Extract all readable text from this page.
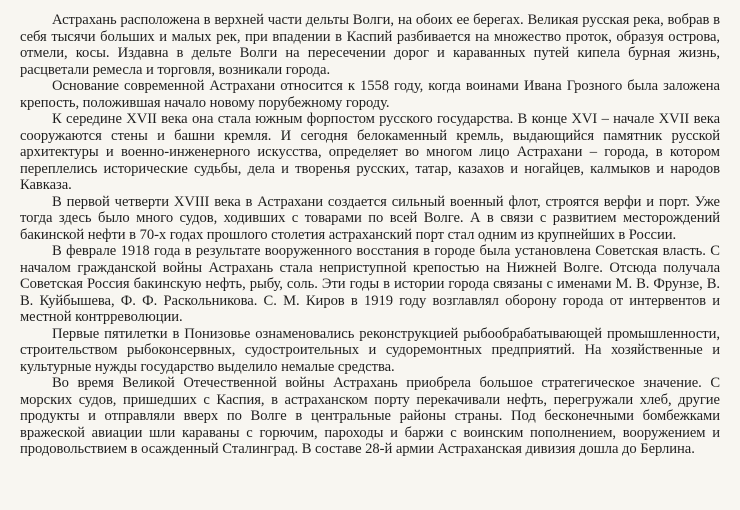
Астрахань расположена в верхней части дельты Волги, на обоих ее берегах. Великая русская река, вобрав в себя тысячи больших и малых рек, при впадении в Каспий разбивается на множество проток, образуя острова, отмели, косы. Издавна в дельте Волги на пересечении дорог и караванных путей кипела бурная жизнь, расцветали ремесла и торговля, возникали города.

Основание современной Астрахани относится к 1558 году, когда воинами Ивана Грозного была заложена крепость, положившая начало новому порубежному городу.

К середине XVII века она стала южным форпостом русского государства. В конце XVI – начале XVII века сооружаются стены и башни кремля. И сегодня белокаменный кремль, выдающийся памятник русской архитектуры и военно-инженерного искусства, определяет во многом лицо Астрахани – города, в котором переплелись исторические судьбы, дела и творенья русских, татар, казахов и ногайцев, калмыков и народов Кавказа.

В первой четверти XVIII века в Астрахани создается сильный военный флот, строятся верфи и порт. Уже тогда здесь было много судов, ходивших с товарами по всей Волге. А в связи с развитием месторождений бакинской нефти в 70-х годах прошлого столетия астраханский порт стал одним из крупнейших в России.

В феврале 1918 года в результате вооруженного восстания в городе была установлена Советская власть. С началом гражданской войны Астрахань стала неприступной крепостью на Нижней Волге. Отсюда получала Советская Россия бакинскую нефть, рыбу, соль. Эти годы в истории города связаны с именами М. В. Фрунзе, В. В. Куйбышева, Ф. Ф. Раскольникова. С. М. Киров в 1919 году возглавлял оборону города от интервентов и местной контрреволюции.

Первые пятилетки в Понизовье ознаменовались реконструкцией рыбообрабатывающей промышленности, строительством рыбоконсервных, судостроительных и судоремонтных предприятий. На хозяйственные и культурные нужды государство выделило немалые средства.

Во время Великой Отечественной войны Астрахань приобрела большое стратегическое значение. С морских судов, пришедших с Каспия, в астраханском порту перекачивали нефть, перегружали хлеб, другие продукты и отправляли вверх по Волге в центральные районы страны. Под бесконечными бомбежками вражеской авиации шли караваны с горючим, пароходы и баржи с воинским пополнением, вооружением и продовольствием в осажденный Сталинград. В составе 28-й армии Астраханская дивизия дошла до Берлина.
